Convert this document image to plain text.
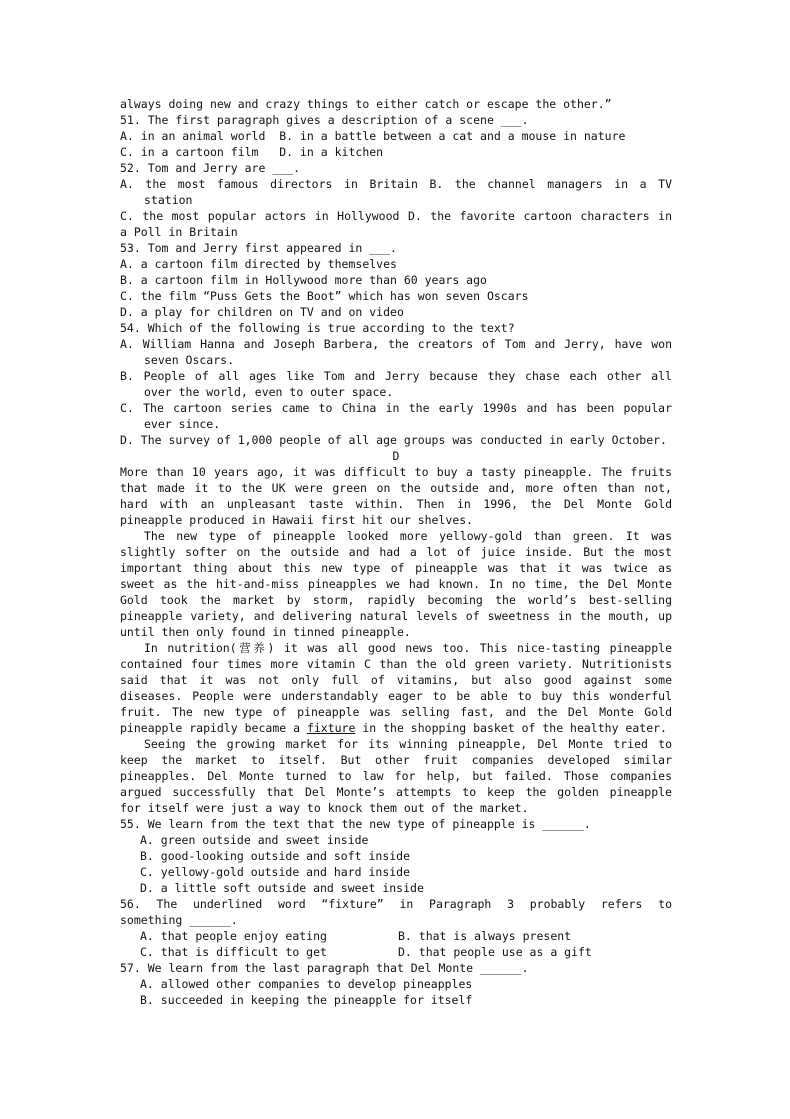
always doing new and crazy things to either catch or escape the other.”
51. The first paragraph gives a description of a scene ___.
A. in an animal world  B. in a battle between a cat and a mouse in nature
C. in a cartoon film   D. in a kitchen
52. Tom and Jerry are ___.
A. the most famous directors in Britain B. the channel managers in a TV
station
C. the most popular actors in Hollywood D. the favorite cartoon characters in
a Poll in Britain
53. Tom and Jerry first appeared in ___.
A. a cartoon film directed by themselves
B. a cartoon film in Hollywood more than 60 years ago
C. the film “Puss Gets the Boot” which has won seven Oscars
D. a play for children on TV and on video
54. Which of the following is true according to the text?
A. William Hanna and Joseph Barbera, the creators of Tom and Jerry, have won
seven Oscars.
B. People of all ages like Tom and Jerry because they chase each other all
over the world, even to outer space.
C. The cartoon series came to China in the early 1990s and has been popular
ever since.
D. The survey of 1,000 people of all age groups was conducted in early October.
D
More than 10 years ago, it was difficult to buy a tasty pineapple. The fruits
that made it to the UK were green on the outside and, more often than not,
hard with an unpleasant taste within. Then in 1996, the Del Monte Gold
pineapple produced in Hawaii first hit our shelves.
The new type of pineapple looked more yellowy-gold than green. It was
slightly softer on the outside and had a lot of juice inside. But the most
important thing about this new type of pineapple was that it was twice as
sweet as the hit-and-miss pineapples we had known. In no time, the Del Monte
Gold took the market by storm, rapidly becoming the world’s best-selling
pineapple variety, and delivering natural levels of sweetness in the mouth, up
until then only found in tinned pineapple.
In nutrition(营养) it was all good news too. This nice-tasting pineapple
contained four times more vitamin C than the old green variety. Nutritionists
said that it was not only full of vitamins, but also good against some
diseases. People were understandably eager to be able to buy this wonderful
fruit. The new type of pineapple was selling fast, and the Del Monte Gold
pineapple rapidly became a fixture in the shopping basket of the healthy eater.
Seeing the growing market for its winning pineapple, Del Monte tried to
keep the market to itself. But other fruit companies developed similar
pineapples. Del Monte turned to law for help, but failed. Those companies
argued successfully that Del Monte’s attempts to keep the golden pineapple
for itself were just a way to knock them out of the market.
55. We learn from the text that the new type of pineapple is ______.
A. green outside and sweet inside
B. good-looking outside and soft inside
C. yellowy-gold outside and hard inside
D. a little soft outside and sweet inside
56. The underlined word “fixture” in Paragraph 3 probably refers to
something ______.
A. that people enjoy eating	B. that is always present
C. that is difficult to get	D. that people use as a gift
57. We learn from the last paragraph that Del Monte ______.
A. allowed other companies to develop pineapples
B. succeeded in keeping the pineapple for itself
